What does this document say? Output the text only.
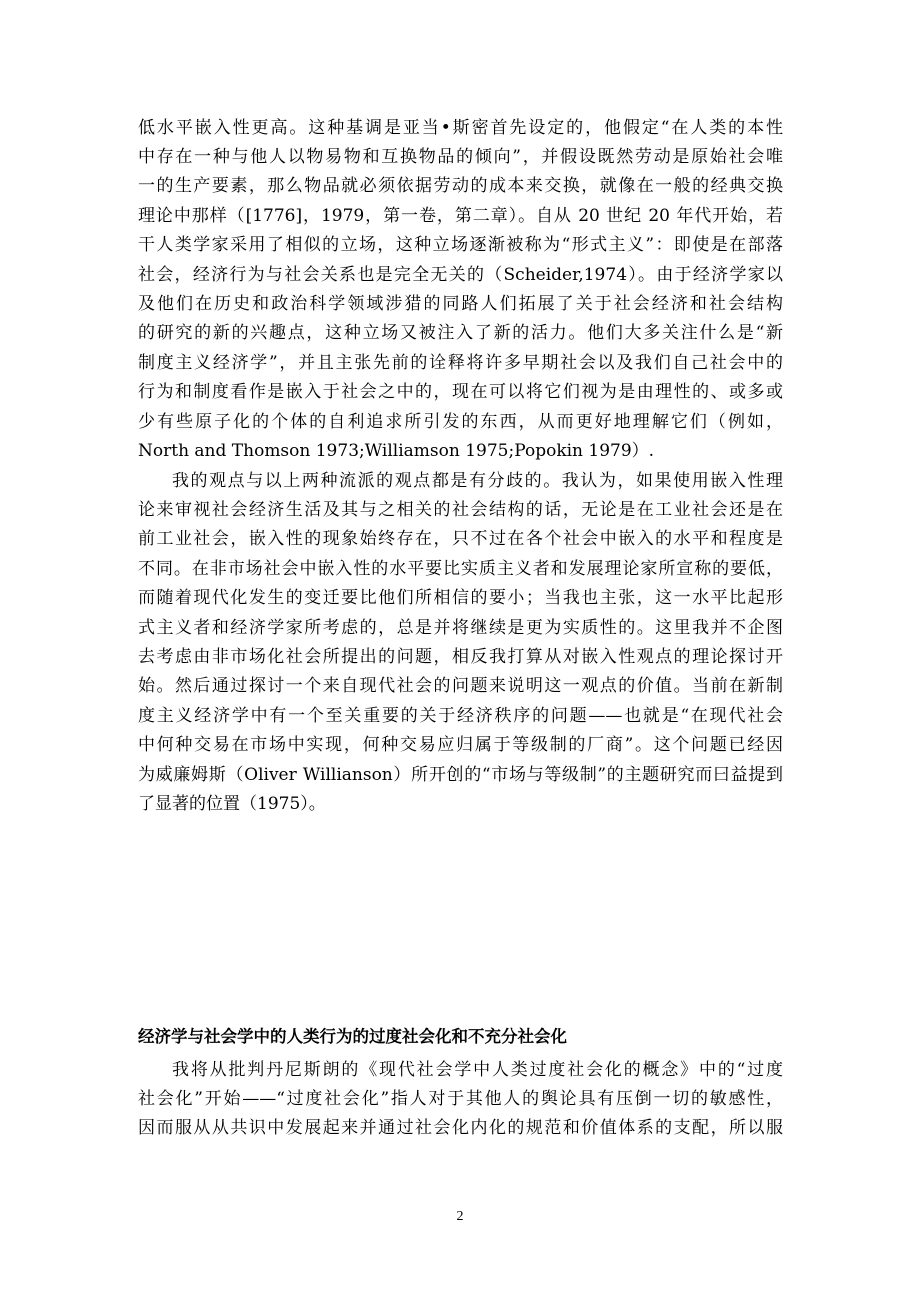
低水平嵌入性更高。这种基调是亚当•斯密首先设定的，他假定“在人类的本性
中存在一种与他人以物易物和互换物品的倾向”，并假设既然劳动是原始社会唯
一的生产要素，那么物品就必须依据劳动的成本来交换，就像在一般的经典交换
理论中那样（[1776]，1979，第一卷，第二章）。自从 20 世纪 20 年代开始，若
干人类学家采用了相似的立场，这种立场逐渐被称为“形式主义”：即使是在部落
社会，经济行为与社会关系也是完全无关的（Scheider,1974）。由于经济学家以
及他们在历史和政治科学领域涉猎的同路人们拓展了关于社会经济和社会结构
的研究的新的兴趣点，这种立场又被注入了新的活力。他们大多关注什么是“新
制度主义经济学”，并且主张先前的诠释将许多早期社会以及我们自己社会中的
行为和制度看作是嵌入于社会之中的，现在可以将它们视为是由理性的、或多或
少有些原子化的个体的自利追求所引发的东西，从而更好地理解它们（例如，
North and Thomson 1973;Williamson 1975;Popokin 1979）.
我的观点与以上两种流派的观点都是有分歧的。我认为，如果使用嵌入性理
论来审视社会经济生活及其与之相关的社会结构的话，无论是在工业社会还是在
前工业社会，嵌入性的现象始终存在，只不过在各个社会中嵌入的水平和程度是
不同。在非市场社会中嵌入性的水平要比实质主义者和发展理论家所宣称的要低，
而随着现代化发生的变迁要比他们所相信的要小；当我也主张，这一水平比起形
式主义者和经济学家所考虑的，总是并将继续是更为实质性的。这里我并不企图
去考虑由非市场化社会所提出的问题，相反我打算从对嵌入性观点的理论探讨开
始。然后通过探讨一个来自现代社会的问题来说明这一观点的价值。当前在新制
度主义经济学中有一个至关重要的关于经济秩序的问题——也就是“在现代社会
中何种交易在市场中实现，何种交易应归属于等级制的厂商”。这个问题已经因
为威廉姆斯（Oliver Willianson）所开创的“市场与等级制”的主题研究而曰益提到
了显著的位置（1975）。
经济学与社会学中的人类行为的过度社会化和不充分社会化
我将从批判丹尼斯朗的《现代社会学中人类过度社会化的概念》中的“过度
社会化”开始——“过度社会化”指人对于其他人的舆论具有压倒一切的敏感性，
因而服从从共识中发展起来并通过社会化内化的规范和价值体系的支配，所以服
2
